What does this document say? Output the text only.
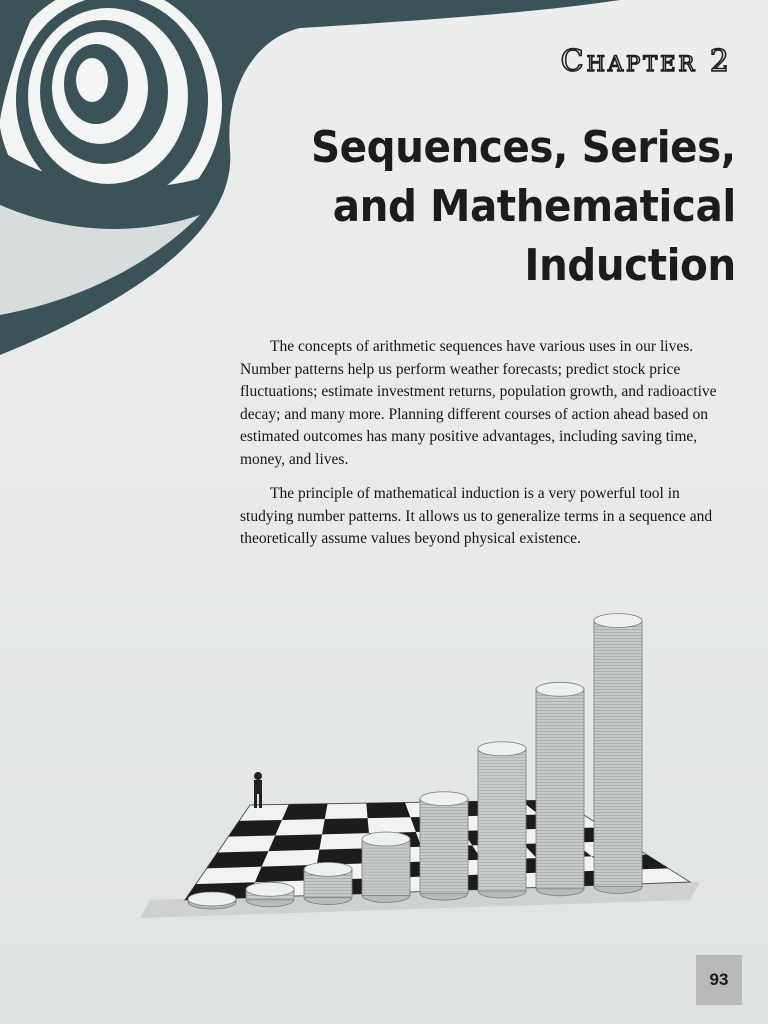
Chapter 2
Sequences, Series,
and Mathematical
Induction

The concepts of arithmetic sequences have various uses in our lives. Number patterns help us perform weather forecasts; predict stock price fluctuations; estimate investment returns, population growth, and radioactive decay; and many more. Planning different courses of action ahead based on estimated outcomes has many positive advantages, including saving time, money, and lives.

The principle of mathematical induction is a very powerful tool in studying number patterns. It allows us to generalize terms in a sequence and theoretically assume values beyond physical existence.

93
